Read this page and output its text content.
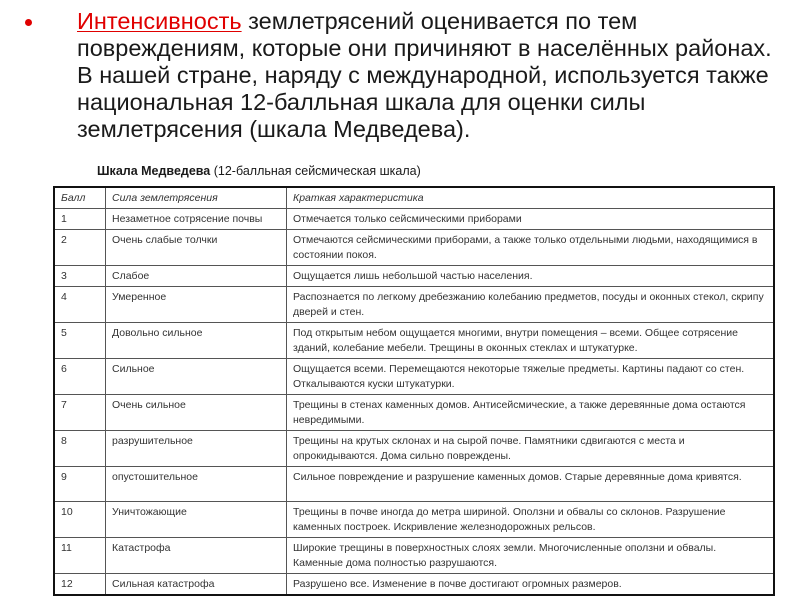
Интенсивность землетрясений оценивается по тем повреждениям, которые они причиняют в населённых районах. В нашей стране, наряду с международной, используется также национальная 12-балльная шкала для оценки силы землетрясения (шкала Медведева).
Шкала Медведева (12-балльная сейсмическая шкала)
Балл	Сила землетрясения	Краткая характеристика
1	Незаметное сотрясение почвы	Отмечается только сейсмическими приборами
2	Очень слабые толчки	Отмечаются сейсмическими приборами, а также только отдельными людьми, находящимися в состоянии покоя.
3	Слабое	Ощущается лишь небольшой частью населения.
4	Умеренное	Распознается по легкому дребезжанию колебанию предметов, посуды и оконных стекол, скрипу дверей и стен.
5	Довольно сильное	Под открытым небом ощущается многими, внутри помещения – всеми. Общее сотрясение зданий, колебание мебели. Трещины в оконных стеклах и штукатурке.
6	Сильное	Ощущается всеми. Перемещаются некоторые тяжелые предметы. Картины падают со стен. Откалываются куски штукатурки.
7	Очень сильное	Трещины в стенах каменных домов. Антисейсмические, а также деревянные дома остаются невредимыми.
8	разрушительное	Трещины на крутых склонах и на сырой почве. Памятники сдвигаются с места и опрокидываются. Дома сильно повреждены.
9	опустошительное	Сильное повреждение и разрушение каменных домов. Старые деревянные дома кривятся.
10	Уничтожающие	Трещины в почве иногда до метра шириной. Оползни и обвалы со склонов. Разрушение каменных построек. Искривление железнодорожных рельсов.
11	Катастрофа	Широкие трещины в поверхностных слоях земли. Многочисленные оползни и обвалы. Каменные дома полностью разрушаются.
12	Сильная катастрофа	Разрушено все. Изменение в почве достигают огромных размеров.
